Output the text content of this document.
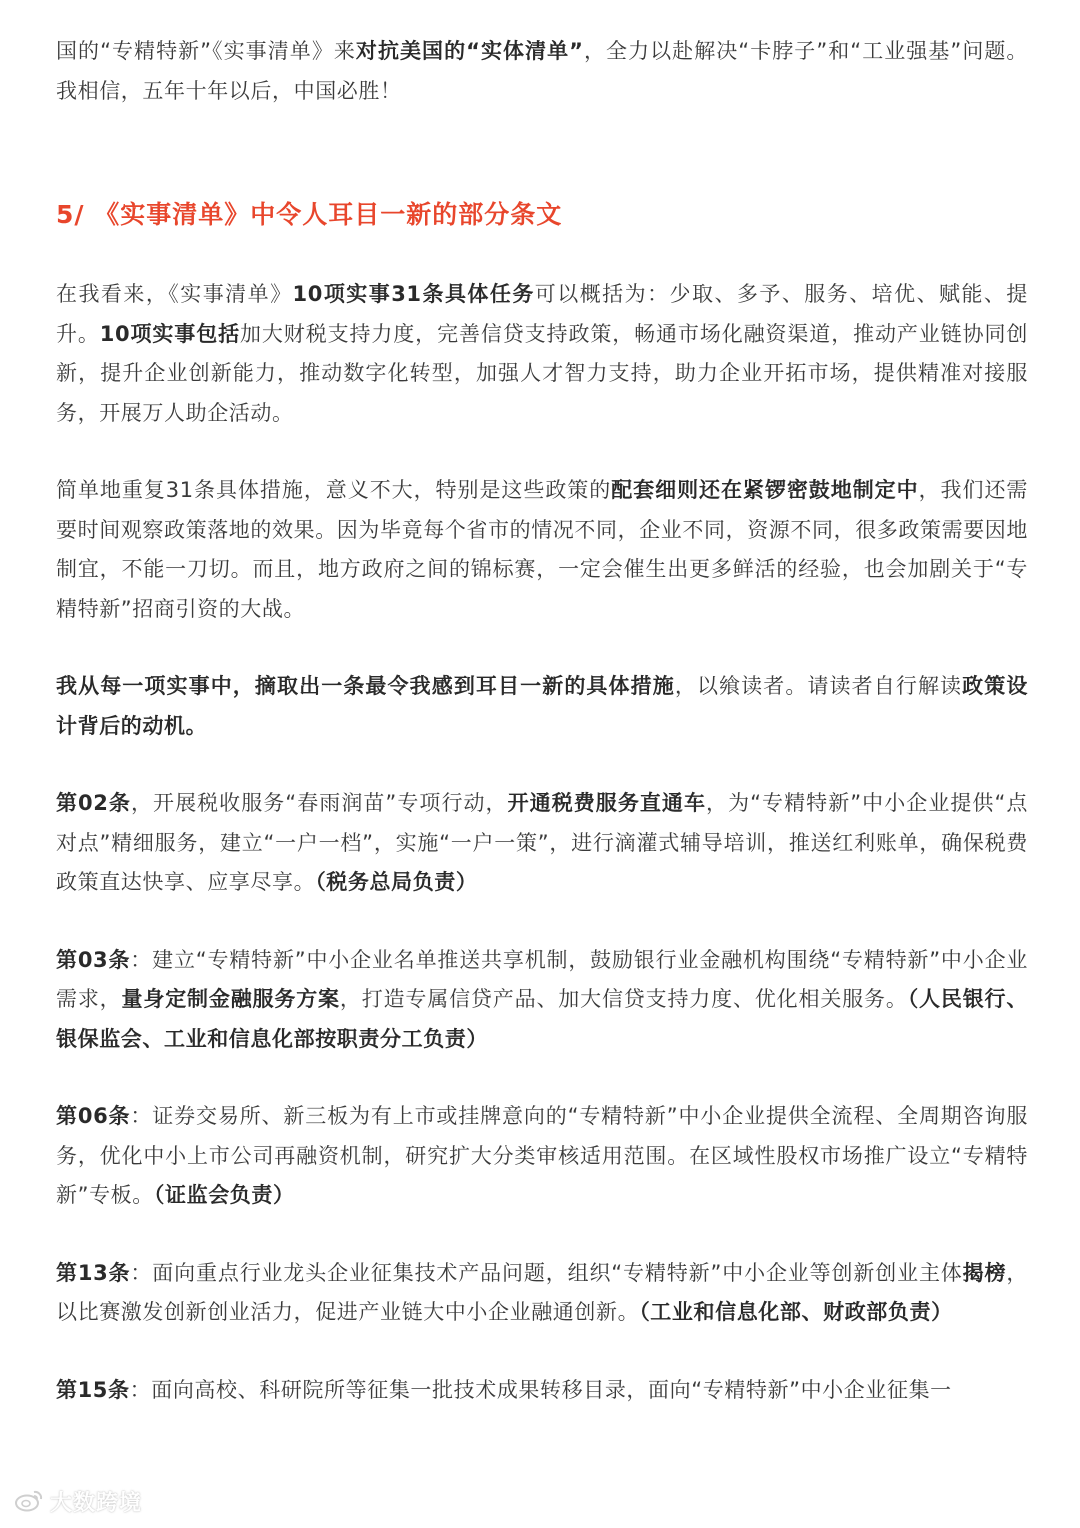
国的“专精特新”《实事清单》来对抗美国的“实体清单”，全力以赴解决“卡脖子”和“工业强基”问题。我相信，五年十年以后，中国必胜！

5/ 《实事清单》中令人耳目一新的部分条文

在我看来，《实事清单》10项实事31条具体任务可以概括为：少取、多予、服务、培优、赋能、提升。10项实事包括加大财税支持力度，完善信贷支持政策，畅通市场化融资渠道，推动产业链协同创新，提升企业创新能力，推动数字化转型，加强人才智力支持，助力企业开拓市场，提供精准对接服务，开展万人助企活动。

简单地重复31条具体措施，意义不大，特别是这些政策的配套细则还在紧锣密鼓地制定中，我们还需要时间观察政策落地的效果。因为毕竟每个省市的情况不同，企业不同，资源不同，很多政策需要因地制宜，不能一刀切。而且，地方政府之间的锦标赛，一定会催生出更多鲜活的经验，也会加剧关于“专精特新”招商引资的大战。

我从每一项实事中，摘取出一条最令我感到耳目一新的具体措施，以飨读者。请读者自行解读政策设计背后的动机。

第02条，开展税收服务“春雨润苗”专项行动，开通税费服务直通车，为“专精特新”中小企业提供“点对点”精细服务，建立“一户一档”，实施“一户一策”，进行滴灌式辅导培训，推送红利账单，确保税费政策直达快享、应享尽享。（税务总局负责）

第03条：建立“专精特新”中小企业名单推送共享机制，鼓励银行业金融机构围绕“专精特新”中小企业需求，量身定制金融服务方案，打造专属信贷产品、加大信贷支持力度、优化相关服务。（人民银行、银保监会、工业和信息化部按职责分工负责）

第06条：证券交易所、新三板为有上市或挂牌意向的“专精特新”中小企业提供全流程、全周期咨询服务，优化中小上市公司再融资机制，研究扩大分类审核适用范围。在区域性股权市场推广设立“专精特新”专板。（证监会负责）

第13条：面向重点行业龙头企业征集技术产品问题，组织“专精特新”中小企业等创新创业主体揭榜，以比赛激发创新创业活力，促进产业链大中小企业融通创新。（工业和信息化部、财政部负责）

第15条：面向高校、科研院所等征集一批技术成果转移目录，面向“专精特新”中小企业征集一

大数跨境
